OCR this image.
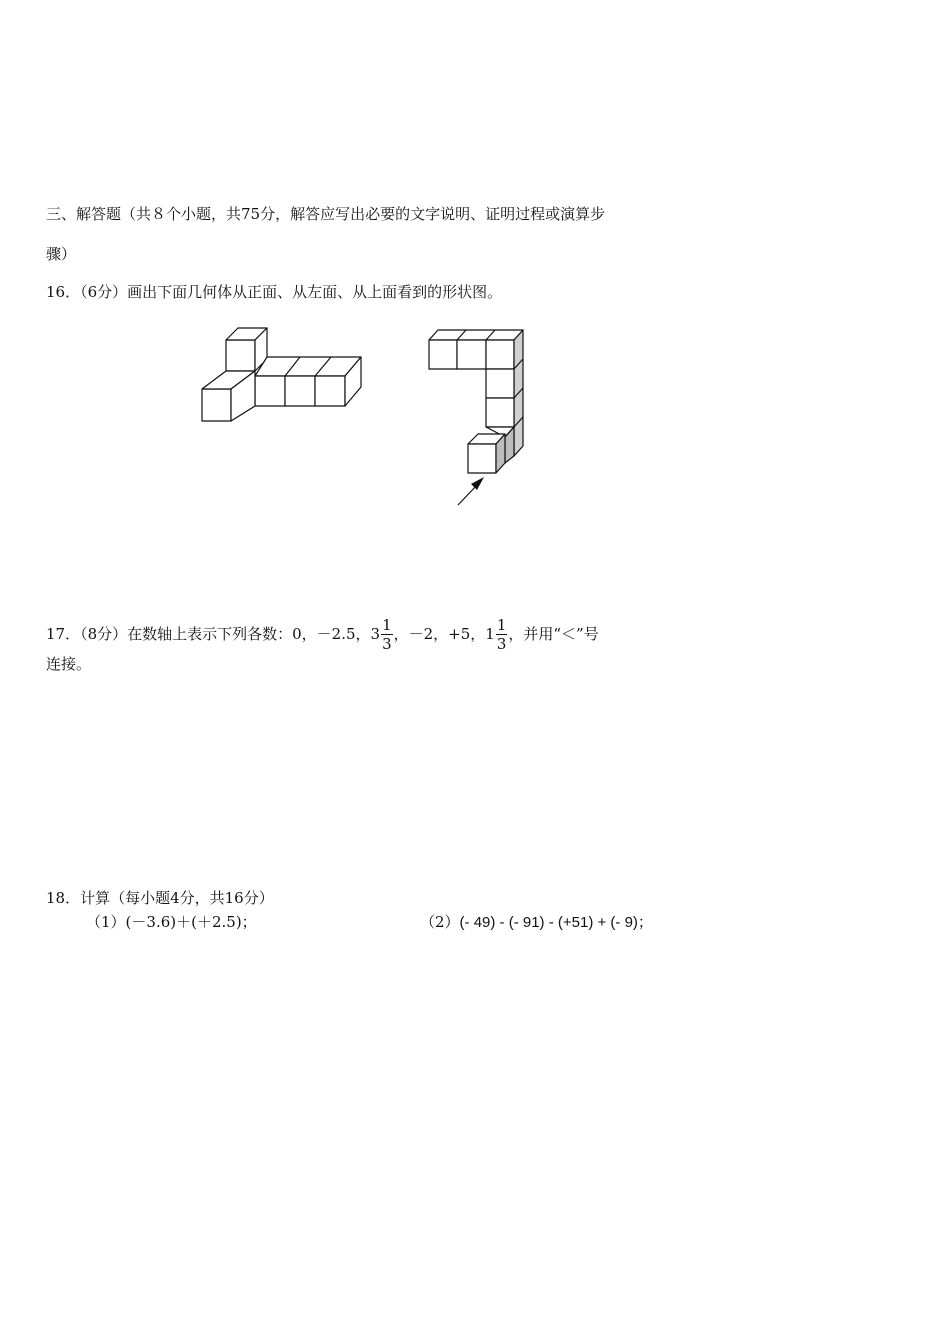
三、解答题（共８个小题，共75分，解答应写出必要的文字说明、证明过程或演算步
骤）
16．（6分）画出下面几何体从正面、从左面、从上面看到的形状图。
17．（8分）在数轴上表示下列各数：0，－2.5， $3 \frac{1}{3}$ ，－2，+5， $1 \frac{1}{3}$ ，并用“＜”号
连接。
18．计算（每小题4分，共16分）
（1）(－3.6)＋(＋2.5)；	（2）(- 49) - (- 91) - (+51) + (- 9)；
